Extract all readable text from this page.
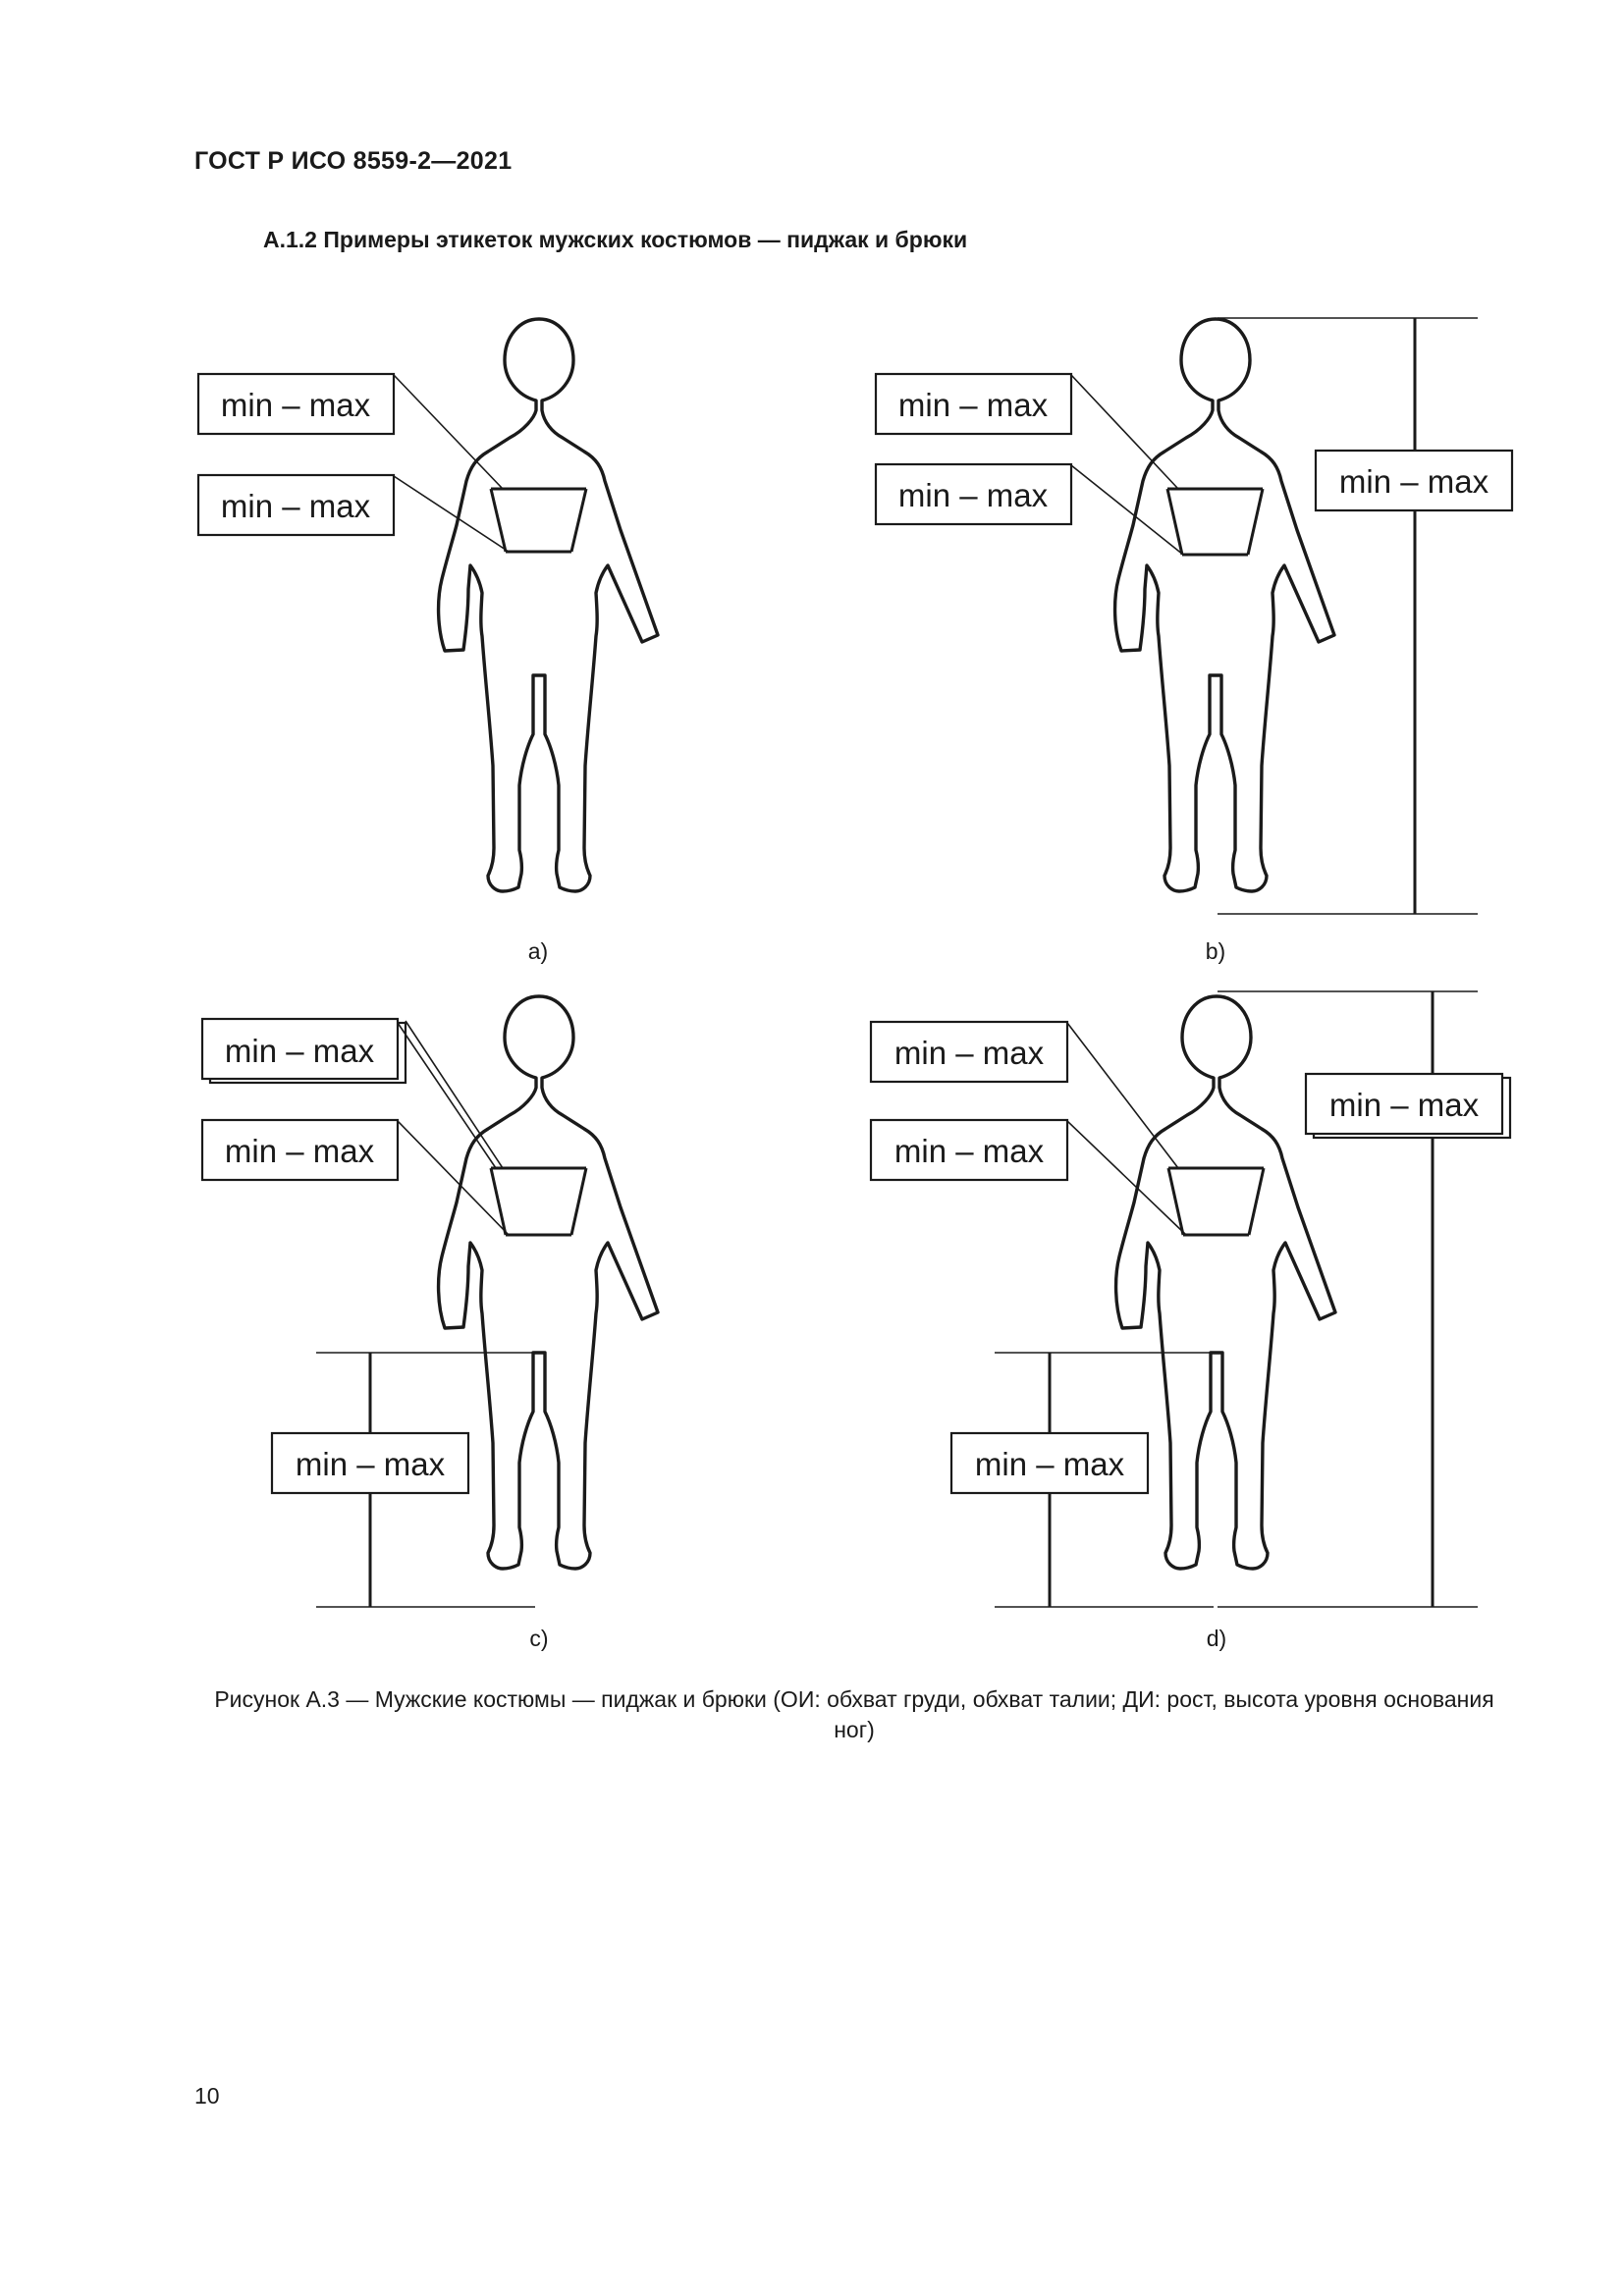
ГОСТ Р ИСО 8559-2—2021
А.1.2 Примеры этикеток мужских костюмов — пиджак и брюки
min – max
min – max
a)
min – max
min – max	min – max
b)
min – max
min – max
min – max
c)
min – max
min – max
min – max
min – max
d)
Рисунок А.3 — Мужские костюмы — пиджак и брюки (ОИ: обхват груди, обхват талии; ДИ: рост, высота уровня основания ног)
10
